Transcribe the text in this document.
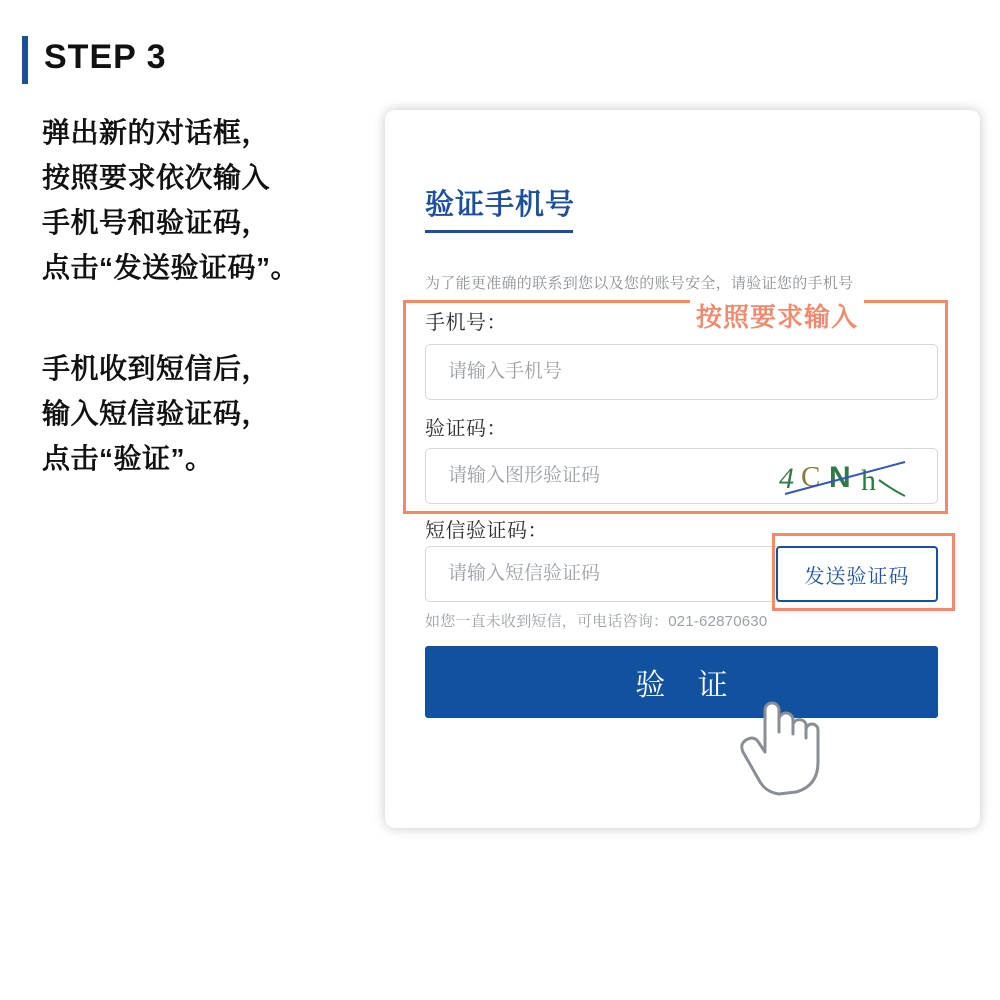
STEP 3
弹出新的对话框，
按照要求依次输入
手机号和验证码，
点击“发送验证码”。
手机收到短信后，
输入短信验证码，
点击“验证”。
验证手机号
为了能更准确的联系到您以及您的账号安全，请验证您的手机号
手机号：
请输入手机号
验证码：
请输入图形验证码
4 C N h
短信验证码：
请输入短信验证码
发送验证码
如您一直未收到短信，可电话咨询：021-62870630
验 证
按照要求输入
